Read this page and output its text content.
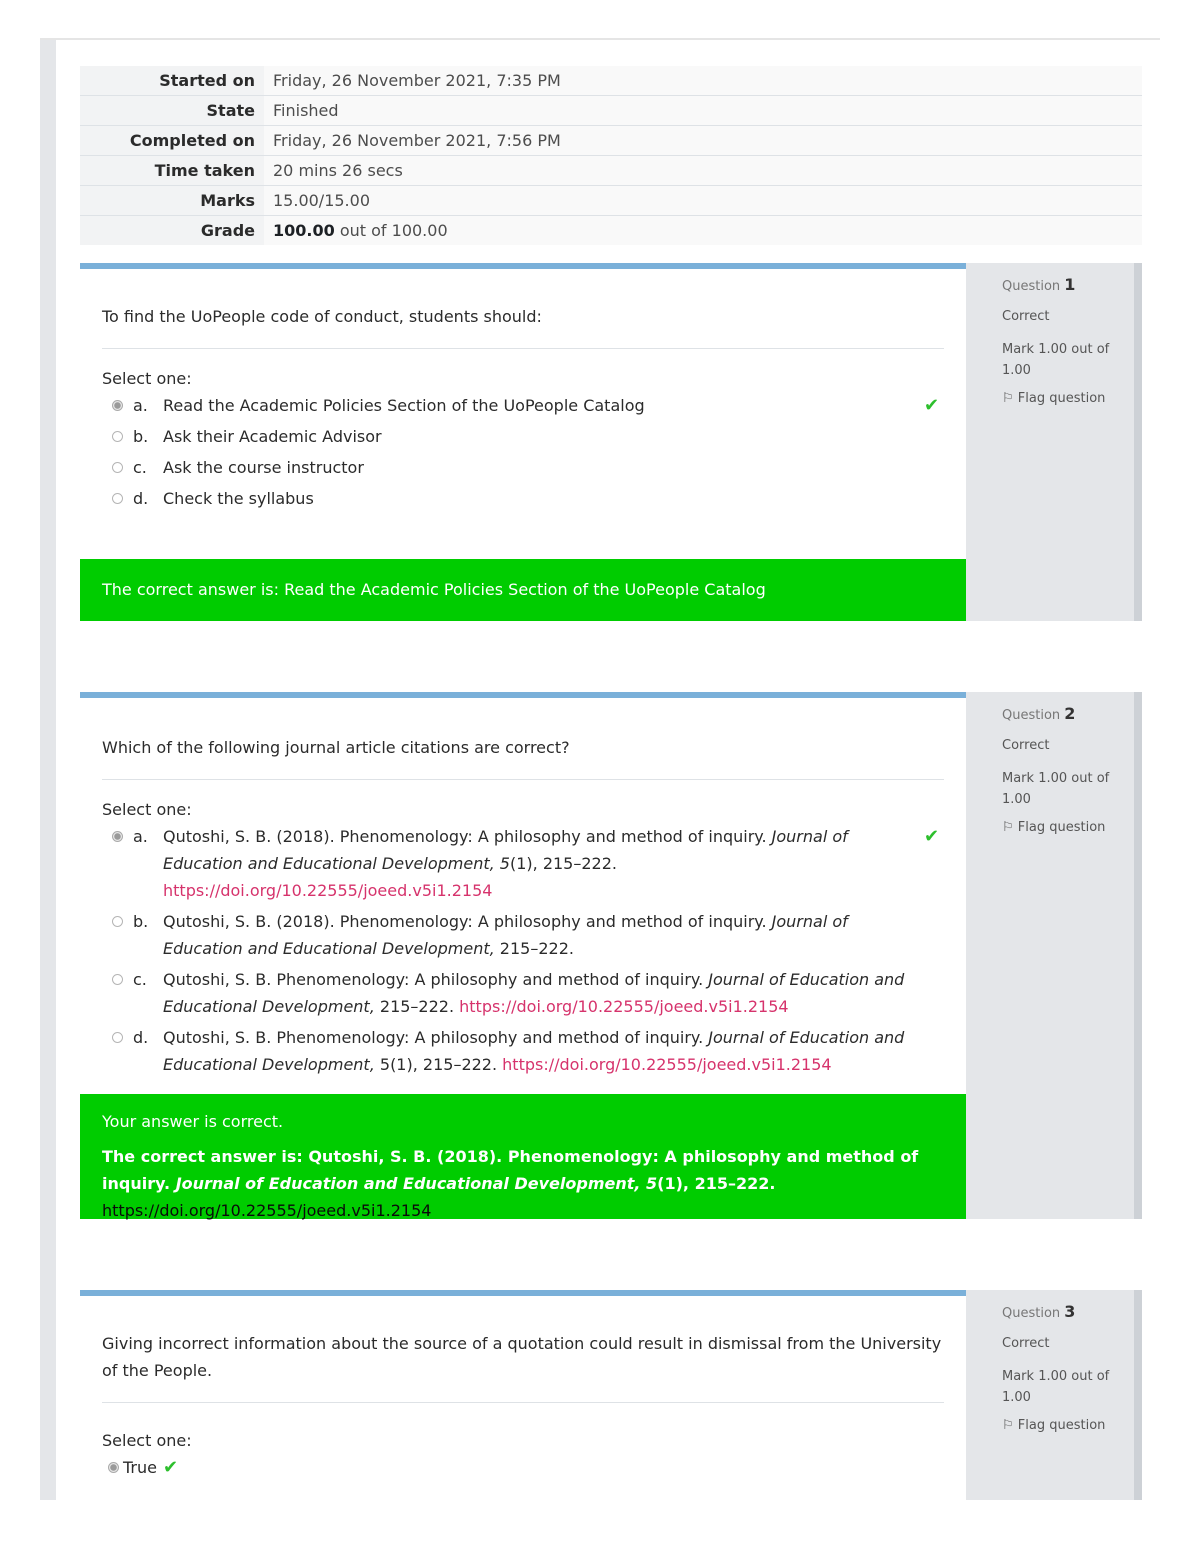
Started on	Friday, 26 November 2021, 7:35 PM
State	Finished
Completed on	Friday, 26 November 2021, 7:56 PM
Time taken	20 mins 26 secs
Marks	15.00/15.00
Grade	100.00 out of 100.00
To find the UoPeople code of conduct, students should:
Select one:
a. Read the Academic Policies Section of the UoPeople Catalog	✔
b. Ask their Academic Advisor
c.	Ask the course instructor
d. Check the syllabus
The correct answer is: Read the Academic Policies Section of the UoPeople Catalog
Question 1
Correct
Mark 1.00 out of 1.00
⚐ Flag question
Which of the following journal article citations are correct?
Select one:
a. Qutoshi, S. B. (2018). Phenomenology: A philosophy and method of inquiry. Journal of Education and Educational Development, 5(1), 215–222. https://doi.org/10.22555/joeed.v5i1.2154
✔
b. Qutoshi, S. B. (2018). Phenomenology: A philosophy and method of inquiry. Journal of Education and Educational Development, 215–222.
c.	Qutoshi, S. B. Phenomenology: A philosophy and method of inquiry. Journal of Education and Educational Development, 215–222. https://doi.org/10.22555/joeed.v5i1.2154
d. Qutoshi, S. B. Phenomenology: A philosophy and method of inquiry. Journal of Education and Educational Development, 5(1), 215–222. https://doi.org/10.22555/joeed.v5i1.2154
Your answer is correct.
The correct answer is: Qutoshi, S. B. (2018). Phenomenology: A philosophy and method of inquiry. Journal of Education and Educational Development, 5(1), 215–222. https://doi.org/10.22555/joeed.v5i1.2154
Question 2
Correct
Mark 1.00 out of 1.00
⚐ Flag question
Giving incorrect information about the source of a quotation could result in dismissal from the University of the People.
Select one:
True ✔
Question 3
Correct
Mark 1.00 out of 1.00
⚐ Flag question
